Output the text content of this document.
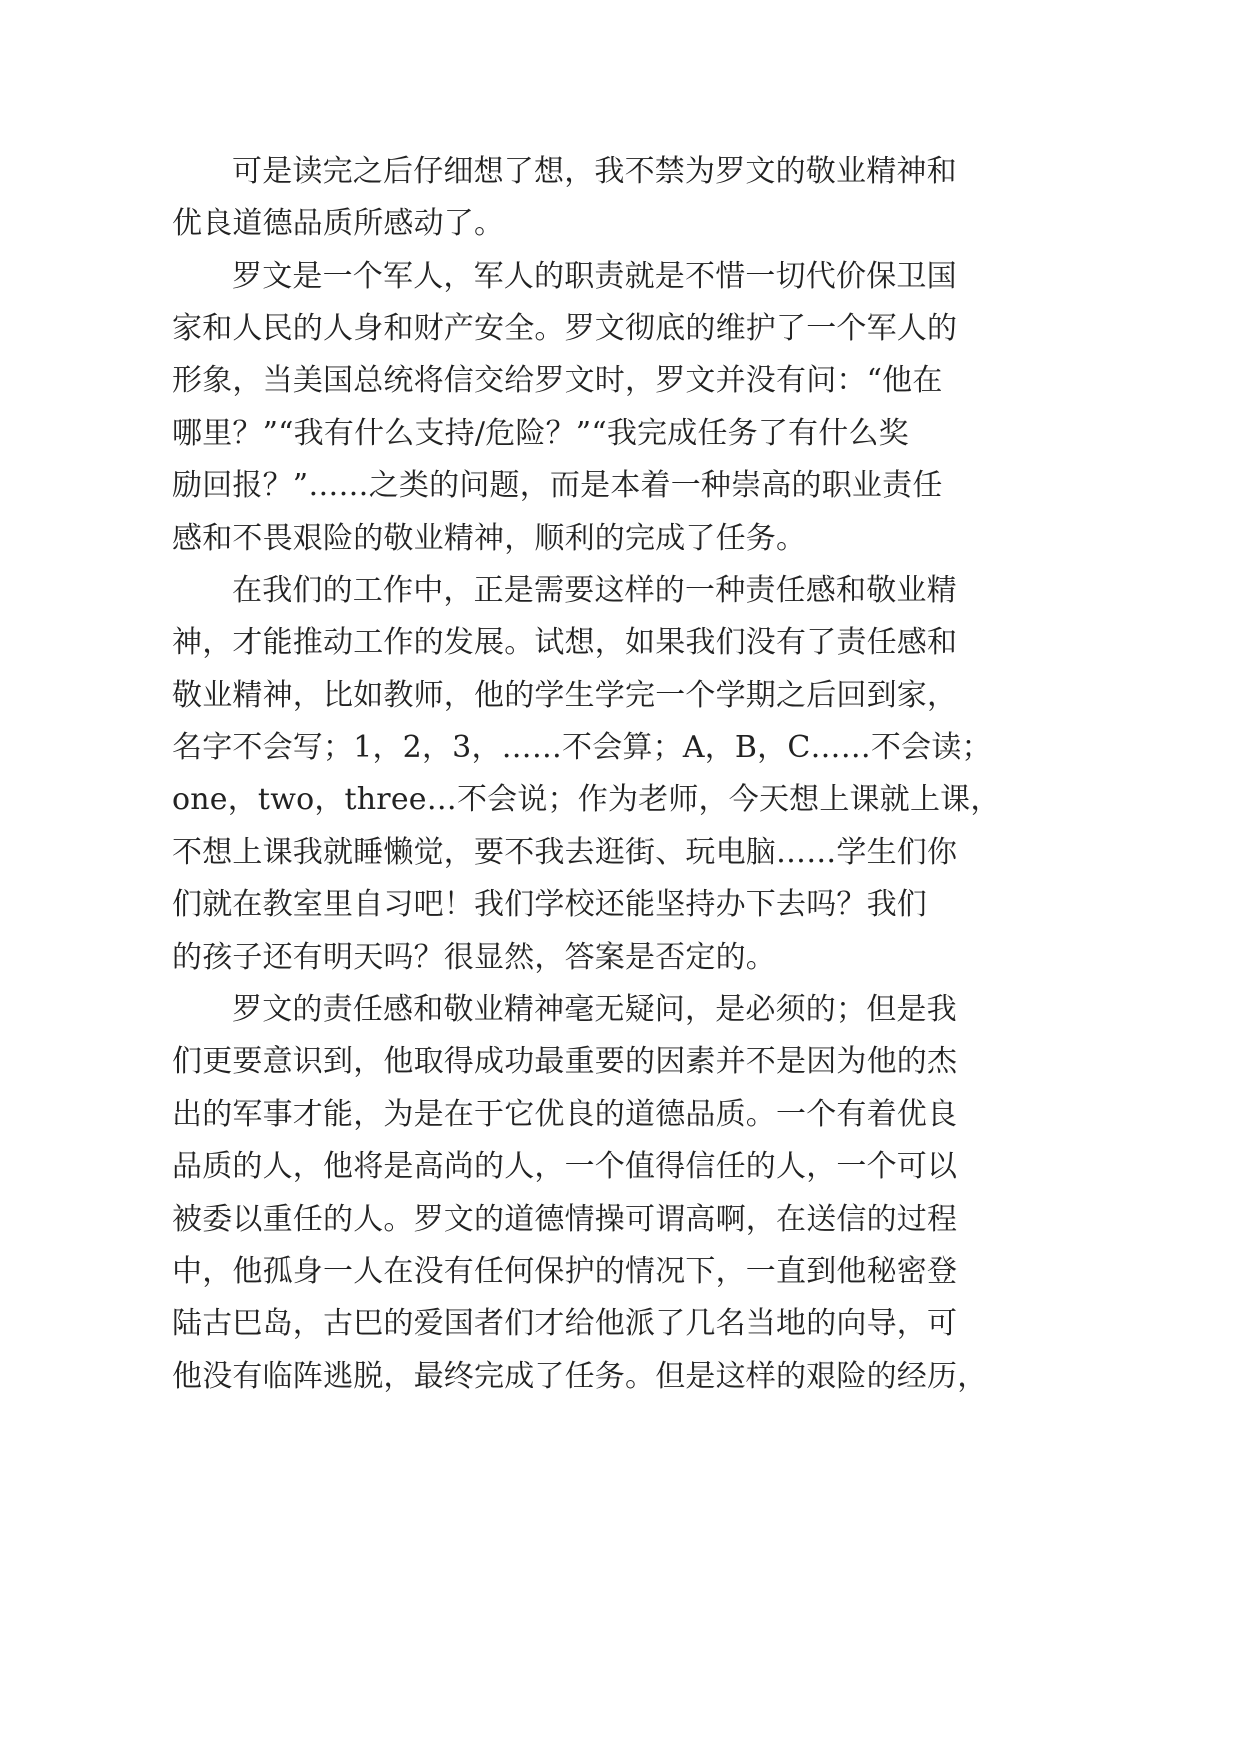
可是读完之后仔细想了想，我不禁为罗文的敬业精神和

优良道德品质所感动了。

罗文是一个军人，军人的职责就是不惜一切代价保卫国

家和人民的人身和财产安全。罗文彻底的维护了一个军人的

形象，当美国总统将信交给罗文时，罗文并没有问：“他在

哪里？”“我有什么支持/危险？”“我完成任务了有什么奖

励回报？”……之类的问题，而是本着一种崇高的职业责任

感和不畏艰险的敬业精神，顺利的完成了任务。

在我们的工作中，正是需要这样的一种责任感和敬业精

神，才能推动工作的发展。试想，如果我们没有了责任感和

敬业精神，比如教师，他的学生学完一个学期之后回到家，

名字不会写；1，2，3，……不会算；A，B，C……不会读；

one，two，three…不会说；作为老师，今天想上课就上课，

不想上课我就睡懒觉，要不我去逛街、玩电脑……学生们你

们就在教室里自习吧！我们学校还能坚持办下去吗？我们

的孩子还有明天吗？很显然，答案是否定的。

罗文的责任感和敬业精神毫无疑问，是必须的；但是我

们更要意识到，他取得成功最重要的因素并不是因为他的杰

出的军事才能，为是在于它优良的道德品质。一个有着优良

品质的人，他将是高尚的人，一个值得信任的人，一个可以

被委以重任的人。罗文的道德情操可谓高啊，在送信的过程

中，他孤身一人在没有任何保护的情况下，一直到他秘密登

陆古巴岛，古巴的爱国者们才给他派了几名当地的向导，可

他没有临阵逃脱，最终完成了任务。但是这样的艰险的经历，
